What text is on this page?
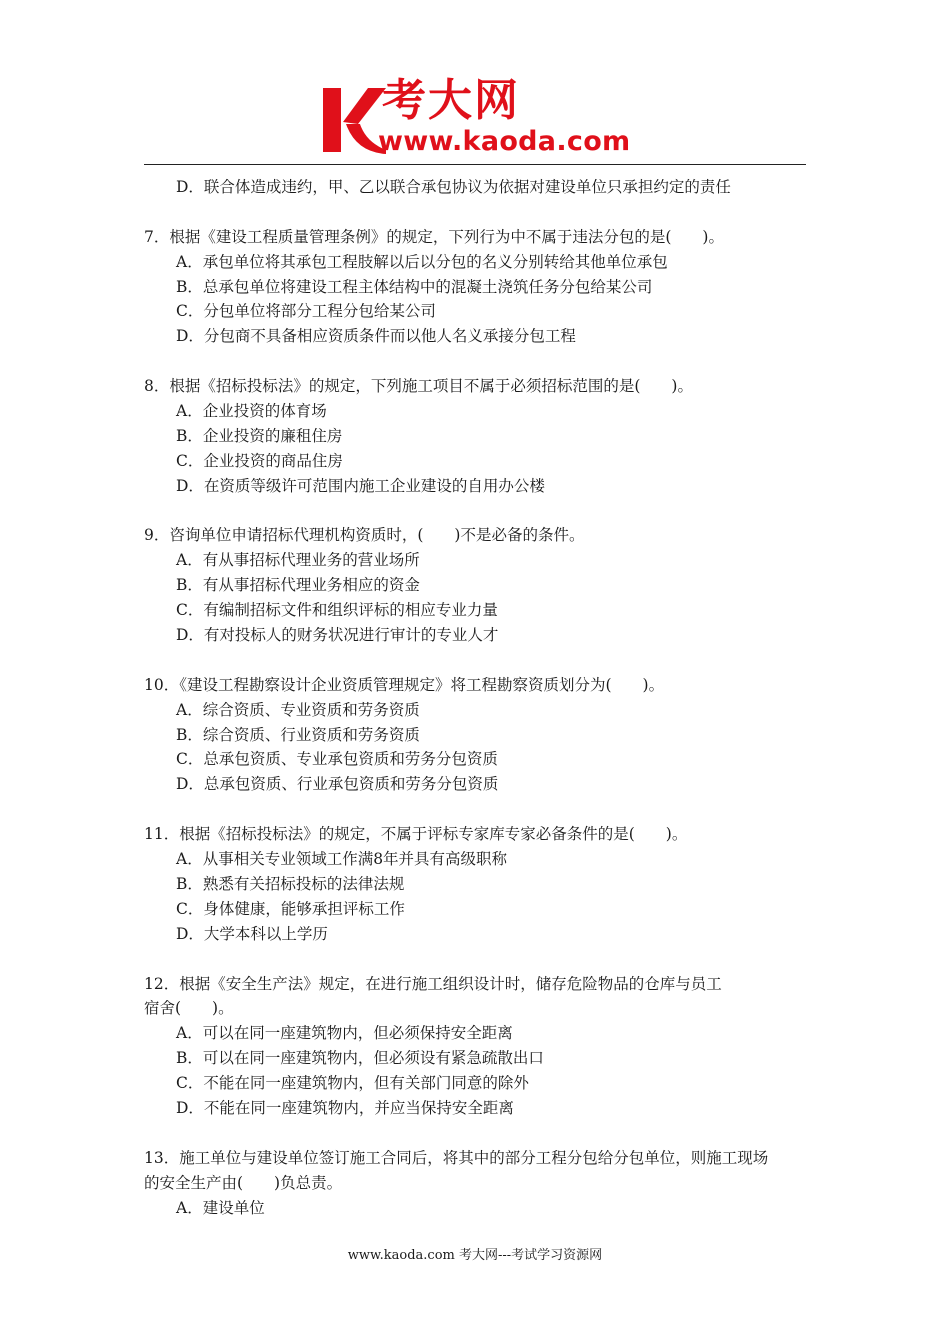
考大网
www.kaoda.com
D．联合体造成违约，甲、乙以联合承包协议为依据对建设单位只承担约定的责任
7．根据《建设工程质量管理条例》的规定，下列行为中不属于违法分包的是(　　)。
A．承包单位将其承包工程肢解以后以分包的名义分别转给其他单位承包
B．总承包单位将建设工程主体结构中的混凝土浇筑任务分包给某公司
C．分包单位将部分工程分包给某公司
D．分包商不具备相应资质条件而以他人名义承接分包工程
8．根据《招标投标法》的规定，下列施工项目不属于必须招标范围的是(　　)。
A．企业投资的体育场
B．企业投资的廉租住房
C．企业投资的商品住房
D．在资质等级许可范围内施工企业建设的自用办公楼
9．咨询单位申请招标代理机构资质时，(　　)不是必备的条件。
A．有从事招标代理业务的营业场所
B．有从事招标代理业务相应的资金
C．有编制招标文件和组织评标的相应专业力量
D．有对投标人的财务状况进行审计的专业人才
10．《建设工程勘察设计企业资质管理规定》将工程勘察资质划分为(　　)。
A．综合资质、专业资质和劳务资质
B．综合资质、行业资质和劳务资质
C．总承包资质、专业承包资质和劳务分包资质
D．总承包资质、行业承包资质和劳务分包资质
11．根据《招标投标法》的规定，不属于评标专家库专家必备条件的是(　　)。
A．从事相关专业领域工作满8年并具有高级职称
B．熟悉有关招标投标的法律法规
C．身体健康，能够承担评标工作
D．大学本科以上学历
12．根据《安全生产法》规定，在进行施工组织设计时，储存危险物品的仓库与员工
宿舍(　　)。
A．可以在同一座建筑物内，但必须保持安全距离
B．可以在同一座建筑物内，但必须设有紧急疏散出口
C．不能在同一座建筑物内，但有关部门同意的除外
D．不能在同一座建筑物内，并应当保持安全距离
13．施工单位与建设单位签订施工合同后，将其中的部分工程分包给分包单位，则施工现场
的安全生产由(　　)负总责。
A．建设单位
www.kaoda.com 考大网---考试学习资源网
